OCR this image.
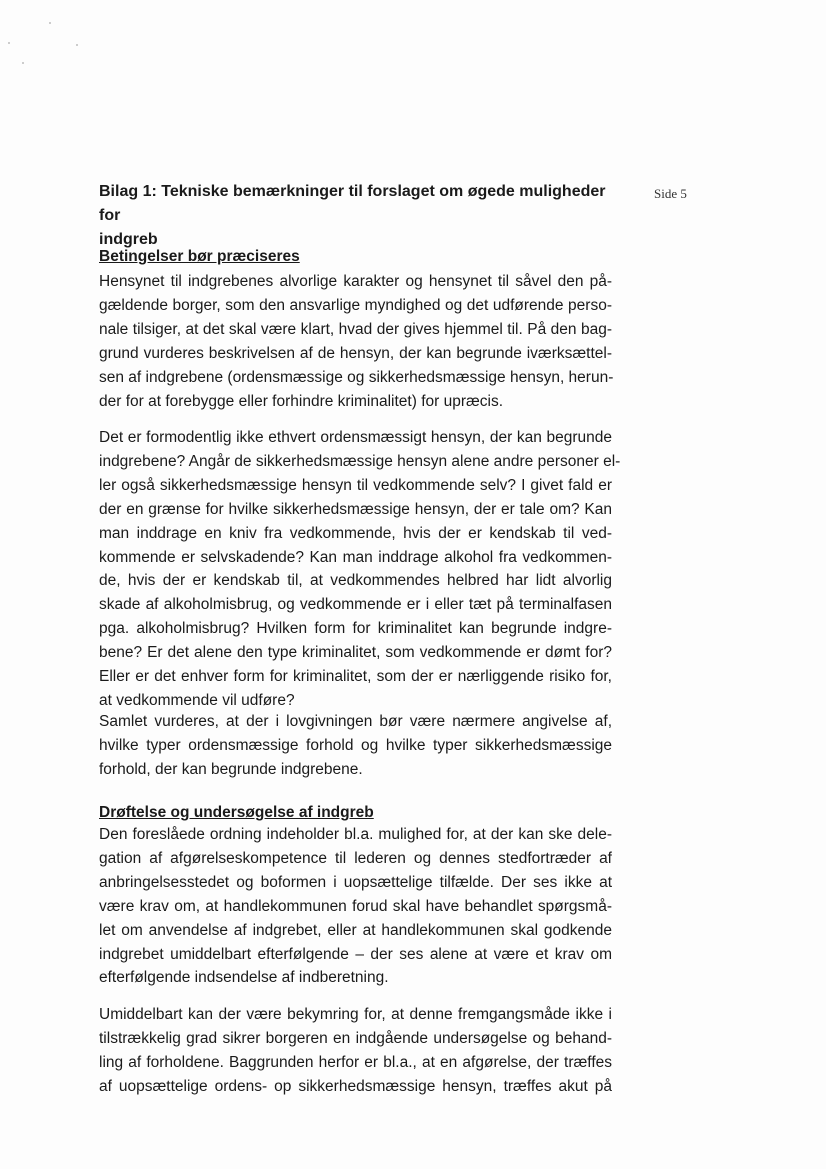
Side 5
Bilag 1: Tekniske bemærkninger til forslaget om øgede muligheder for
indgreb
Betingelser bør præciseres

Hensynet til indgrebenes alvorlige karakter og hensynet til såvel den på-
gældende borger, som den ansvarlige myndighed og det udførende perso-
nale tilsiger, at det skal være klart, hvad der gives hjemmel til. På den bag-
grund vurderes beskrivelsen af de hensyn, der kan begrunde iværksættel-
sen af indgrebene (ordensmæssige og sikkerhedsmæssige hensyn, herun-
der for at forebygge eller forhindre kriminalitet) for upræcis.

Det er formodentlig ikke ethvert ordensmæssigt hensyn, der kan begrunde
indgrebene? Angår de sikkerhedsmæssige hensyn alene andre personer el-
ler også sikkerhedsmæssige hensyn til vedkommende selv? I givet fald er
der en grænse for hvilke sikkerhedsmæssige hensyn, der er tale om? Kan
man inddrage en kniv fra vedkommende, hvis der er kendskab til ved-
kommende er selvskadende? Kan man inddrage alkohol fra vedkommen-
de, hvis der er kendskab til, at vedkommendes helbred har lidt alvorlig
skade af alkoholmisbrug, og vedkommende er i eller tæt på terminalfasen
pga. alkoholmisbrug? Hvilken form for kriminalitet kan begrunde indgre-
bene? Er det alene den type kriminalitet, som vedkommende er dømt for?
Eller er det enhver form for kriminalitet, som der er nærliggende risiko for,
at vedkommende vil udføre?

Samlet vurderes, at der i lovgivningen bør være nærmere angivelse af,
hvilke typer ordensmæssige forhold og hvilke typer sikkerhedsmæssige
forhold, der kan begrunde indgrebene.

Drøftelse og undersøgelse af indgreb

Den foreslåede ordning indeholder bl.a. mulighed for, at der kan ske dele-
gation af afgørelseskompetence til lederen og dennes stedfortræder af
anbringelsesstedet og boformen i uopsættelige tilfælde. Der ses ikke at
være krav om, at handlekommunen forud skal have behandlet spørgsmå-
let om anvendelse af indgrebet, eller at handlekommunen skal godkende
indgrebet umiddelbart efterfølgende – der ses alene at være et krav om
efterfølgende indsendelse af indberetning.

Umiddelbart kan der være bekymring for, at denne fremgangsmåde ikke i
tilstrækkelig grad sikrer borgeren en indgående undersøgelse og behand-
ling af forholdene. Baggrunden herfor er bl.a., at en afgørelse, der træffes
af uopsættelige ordens- op sikkerhedsmæssige hensyn, træffes akut på
